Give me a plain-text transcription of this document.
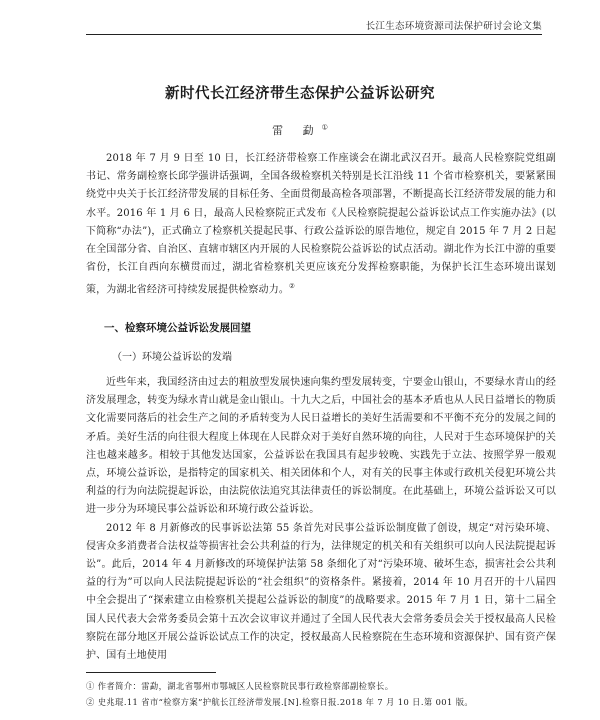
长江生态环境资源司法保护研讨会论文集
新时代长江经济带生态保护公益诉讼研究
雷 勐①

2018 年 7 月 9 日至 10 日，长江经济带检察工作座谈会在湖北武汉召开。最高人民检察院党组副书记、常务副检察长邱学强讲话强调，全国各级检察机关特别是长江沿线 11 个省市检察机关，要紧紧围绕党中央关于长江经济带发展的目标任务、全面贯彻最高检各项部署，不断提高长江经济带发展的能力和水平。2016 年 1 月 6 日，最高人民检察院正式发布《人民检察院提起公益诉讼试点工作实施办法》(以下简称“办法”)，正式确立了检察机关提起民事、行政公益诉讼的原告地位，规定自 2015 年 7 月 2 日起在全国部分省、自治区、直辖市辖区内开展的人民检察院公益诉讼的试点活动。湖北作为长江中游的重要省份，长江自西向东横贯而过，湖北省检察机关更应该充分发挥检察职能，为保护长江生态环境出谋划策，为湖北省经济可持续发展提供检察动力。②

一、检察环境公益诉讼发展回望
（一）环境公益诉讼的发端

近些年来，我国经济由过去的粗放型发展快速向集约型发展转变，宁要金山银山，不要绿水青山的经济发展理念，转变为绿水青山就是金山银山。十九大之后，中国社会的基本矛盾也从人民日益增长的物质文化需要同落后的社会生产之间的矛盾转变为人民日益增长的美好生活需要和不平衡不充分的发展之间的矛盾。美好生活的向往很大程度上体现在人民群众对于美好自然环境的向往，人民对于生态环境保护的关注也越来越多。相较于其他发达国家，公益诉讼在我国具有起步较晚、实践先于立法、按照学界一般观点，环境公益诉讼，是指特定的国家机关、相关团体和个人，对有关的民事主体或行政机关侵犯环境公共利益的行为向法院提起诉讼，由法院依法追究其法律责任的诉讼制度。在此基础上，环境公益诉讼又可以进一步分为环境民事公益诉讼和环境行政公益诉讼。

2012 年 8 月新修改的民事诉讼法第 55 条首先对民事公益诉讼制度做了创设，规定“对污染环境、侵害众多消费者合法权益等损害社会公共利益的行为，法律规定的机关和有关组织可以向人民法院提起诉讼”。此后，2014 年 4 月新修改的环境保护法第 58 条细化了对“污染环境、破坏生态，损害社会公共利益的行为”可以向人民法院提起诉讼的“社会组织”的资格条件。紧接着，2014 年 10 月召开的十八届四中全会提出了“探索建立由检察机关提起公益诉讼的制度”的战略要求。2015 年 7 月 1 日，第十二届全国人民代表大会常务委员会第十五次会议审议并通过了全国人民代表大会常务委员会关于授权最高人民检察院在部分地区开展公益诉讼试点工作的决定，授权最高人民检察院在生态环境和资源保护、国有资产保护、国有土地使用

① 作者简介：雷勐，湖北省鄂州市鄂城区人民检察院民事行政检察部副检察长。
② 史兆琨.11 省市“检察方案”护航长江经济带发展.[N].检察日报.2018 年 7 月 10 日.第 001 版。
